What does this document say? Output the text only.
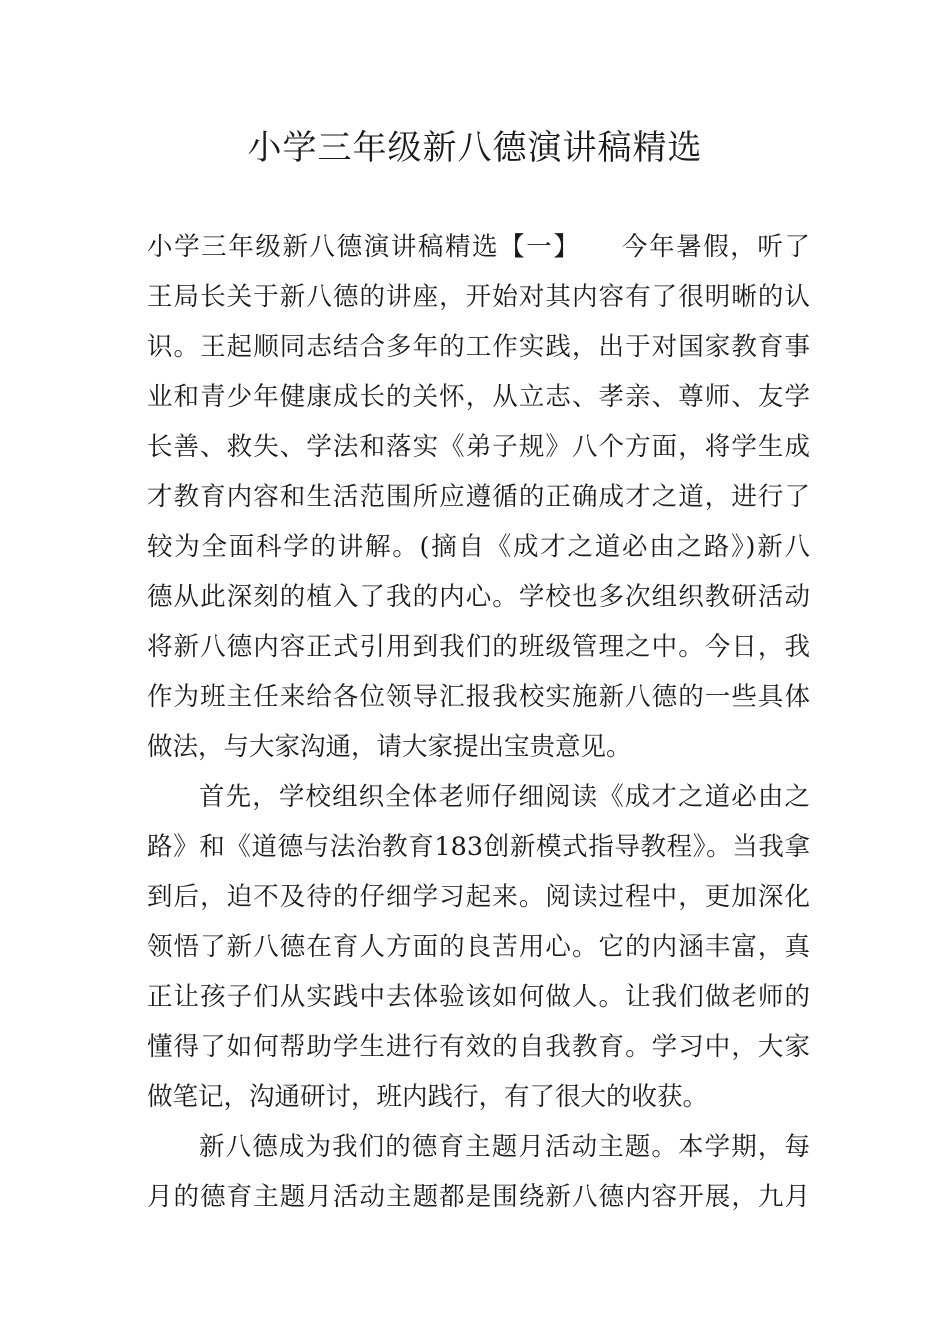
小学三年级新八德演讲稿精选
小学三年级新八德演讲稿精选【一】　　今年暑假，听了
王局长关于新八德的讲座，开始对其内容有了很明晰的认
识。王起顺同志结合多年的工作实践，出于对国家教育事
业和青少年健康成长的关怀，从立志、孝亲、尊师、友学
长善、救失、学法和落实《弟子规》八个方面，将学生成
才教育内容和生活范围所应遵循的正确成才之道，进行了
较为全面科学的讲解。(摘自《成才之道必由之路》)新八
德从此深刻的植入了我的内心。学校也多次组织教研活动
将新八德内容正式引用到我们的班级管理之中。今日，我
作为班主任来给各位领导汇报我校实施新八德的一些具体
做法，与大家沟通，请大家提出宝贵意见。
首先，学校组织全体老师仔细阅读《成才之道必由之
路》和《道德与法治教育183创新模式指导教程》。当我拿
到后，迫不及待的仔细学习起来。阅读过程中，更加深化
领悟了新八德在育人方面的良苦用心。它的内涵丰富，真
正让孩子们从实践中去体验该如何做人。让我们做老师的
懂得了如何帮助学生进行有效的自我教育。学习中，大家
做笔记，沟通研讨，班内践行，有了很大的收获。
新八德成为我们的德育主题月活动主题。本学期，每
月的德育主题月活动主题都是围绕新八德内容开展，九月
